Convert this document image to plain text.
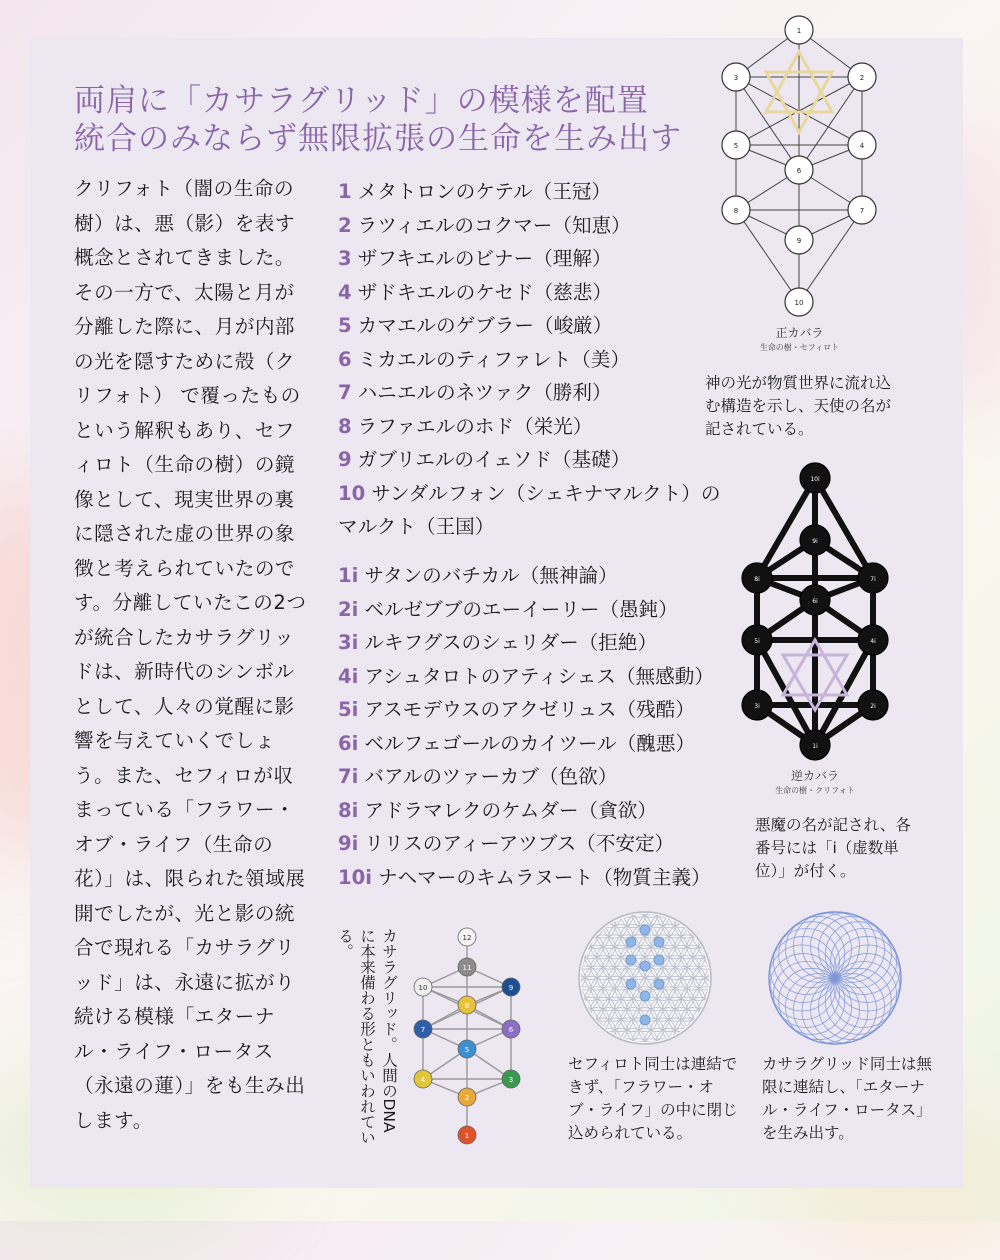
両肩に「カサラグリッド」の模様を配置
統合のみならず無限拡張の生命を生み出す
クリフォト（闇の生命の樹）は、悪（影）を表す概念とされてきました。その一方で、太陽と月が分離した際に、月が内部の光を隠すために殻（クリフォト） で覆ったものという解釈もあり、セフィロト（生命の樹）の鏡像として、現実世界の裏に隠された虚の世界の象徴と考えられていたのです。分離していたこの2つが統合したカサラグリッドは、新時代のシンボルとして、人々の覚醒に影響を与えていくでしょう。また、セフィロが収まっている「フラワー・オブ・ライフ（生命の花）」は、限られた領域展開でしたが、光と影の統合で現れる「カサラグリッド」は、永遠に拡がり続ける模様「エターナル・ライフ・ロータス（永遠の蓮）」をも生み出します。
1 メタトロンのケテル（王冠）
2 ラツィエルのコクマー（知恵）
3 ザフキエルのビナー（理解）
4 ザドキエルのケセド（慈悲）
5 カマエルのゲブラー（峻厳）
6 ミカエルのティファレト（美）
7 ハニエルのネツァク（勝利）
8 ラファエルのホド（栄光）
9 ガブリエルのイェソド（基礎）
10 サンダルフォン（シェキナマルクト）のマルクト（王国）
1i サタンのバチカル（無神論）
2i ベルゼブブのエーイーリー（愚鈍）
3i ルキフグスのシェリダー（拒絶）
4i アシュタロトのアティシェス（無感動）
5i アスモデウスのアクゼリュス（残酷）
6i ベルフェゴールのカイツール（醜悪）
7i バアルのツァーカブ（色欲）
8i アドラマレクのケムダー（貪欲）
9i リリスのアィーアツブス（不安定）
10i ナヘマーのキムラヌート（物質主義）
1
2
3
4
5
6
7
8
9
10
正カバラ
生命の樹・セフィロト
神の光が物質世界に流れ込む構造を示し、天使の名が記されている。
10i
9i
8i	7i
6i
5i	4i
3i	2i
1i
逆カバラ
生命の樹・クリフォト
悪魔の名が記され、各番号には「i（虚数単位）」が付く。
カサラグリッド。人間のDNAに本来備わる形ともいわれている。	12
11
10	9
8
7	6
5
4	3
2
1
セフィロト同士は連結できず、「フラワー・オブ・ライフ」の中に閉じ込められている。
カサラグリッド同士は無限に連結し、「エターナル・ライフ・ロータス」を生み出す。
